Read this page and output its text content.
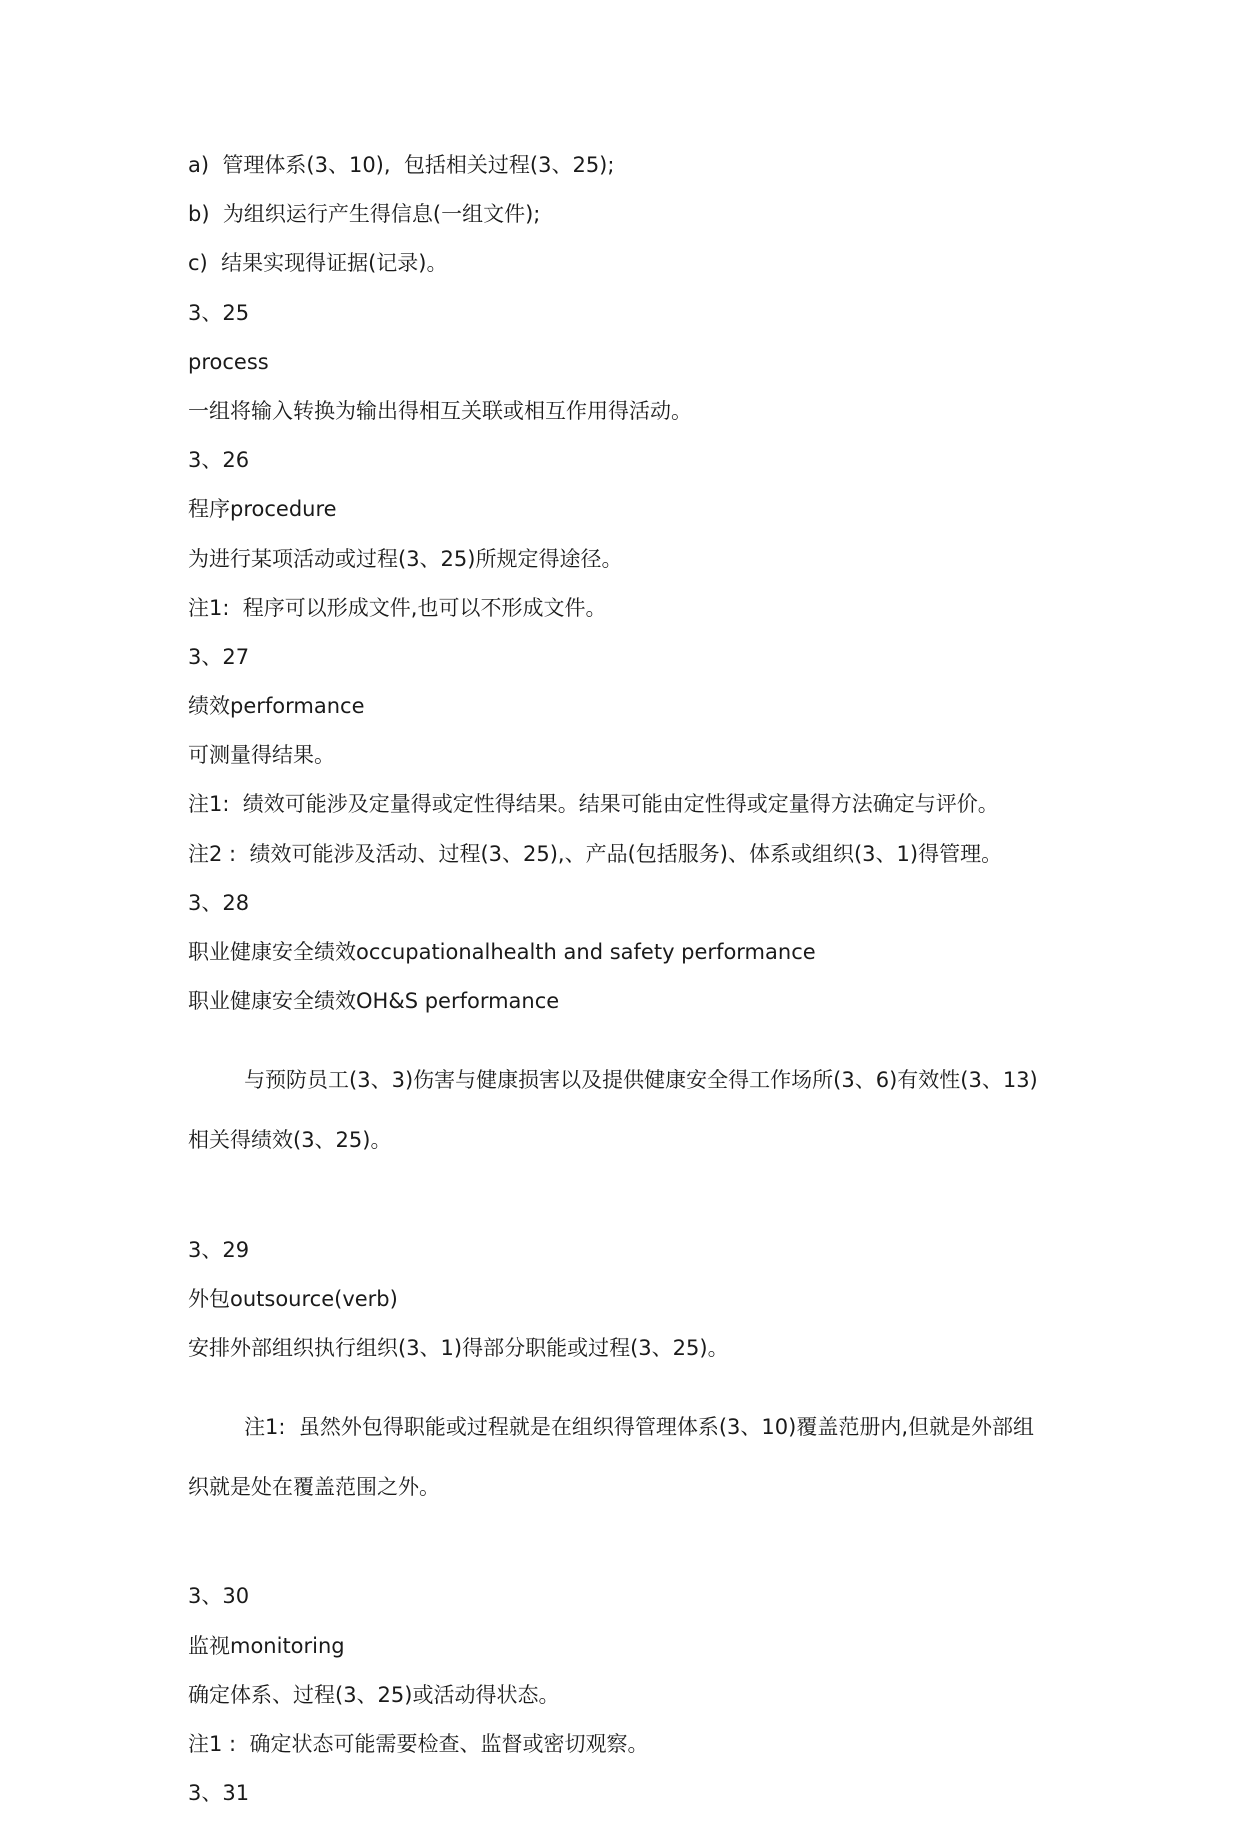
a)  管理体系(3、10),  包括相关过程(3、25);

b)  为组织运行产生得信息(一组文件);

c)  结果实现得证据(记录)。

3、25

process

一组将输入转换为输出得相互关联或相互作用得活动。

3、26

程序procedure

为进行某项活动或过程(3、25)所规定得途径。

注1:  程序可以形成文件,也可以不形成文件。

3、27

绩效performance

可测量得结果。

注1:  绩效可能涉及定量得或定性得结果。结果可能由定性得或定量得方法确定与评价。

注2 :  绩效可能涉及活动、过程(3、25),、产品(包括服务)、体系或组织(3、1)得管理。

3、28

职业健康安全绩效occupationalhealth and safety performance

职业健康安全绩效OH&S performance

与预防员工(3、3)伤害与健康损害以及提供健康安全得工作场所(3、6)有效性(3、13)

相关得绩效(3、25)。

3、29

外包outsource(verb)

安排外部组织执行组织(3、1)得部分职能或过程(3、25)。

注1:  虽然外包得职能或过程就是在组织得管理体系(3、10)覆盖范册内,但就是外部组

织就是处在覆盖范围之外。

3、30

监视monitoring

确定体系、过程(3、25)或活动得状态。

注1 :  确定状态可能需要检查、监督或密切观察。

3、31
